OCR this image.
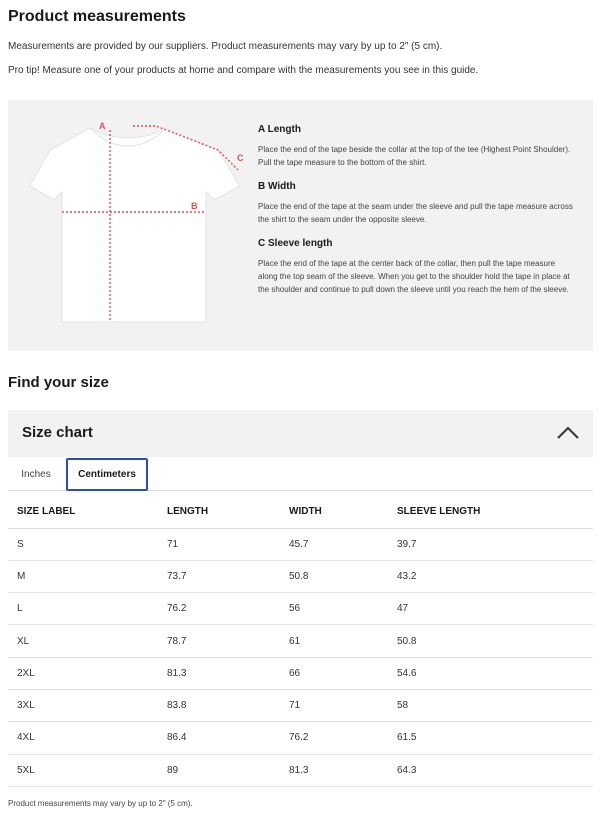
Product measurements
Measurements are provided by our suppliers. Product measurements may vary by up to 2" (5 cm).
Pro tip! Measure one of your products at home and compare with the measurements you see in this guide.
A
B
C
A Length
Place the end of the tape beside the collar at the top of the tee (Highest Point Shoulder). Pull the tape measure to the bottom of the shirt.
B Width
Place the end of the tape at the seam under the sleeve and pull the tape measure across the shirt to the seam under the opposite sleeve.
C Sleeve length
Place the end of the tape at the center back of the collar, then pull the tape measure along the top seam of the sleeve. When you get to the shoulder hold the tape in place at the shoulder and continue to pull down the sleeve until you reach the hem of the sleeve.
Find your size
Size chart
Inches	Centimeters
SIZE LABEL	LENGTH	WIDTH	SLEEVE LENGTH
S	71	45.7	39.7
M	73.7	50.8	43.2
L	76.2	56	47
XL	78.7	61	50.8
2XL	81.3	66	54.6
3XL	83.8	71	58
4XL	86.4	76.2	61.5
5XL	89	81.3	64.3
Product measurements may vary by up to 2" (5 cm).
